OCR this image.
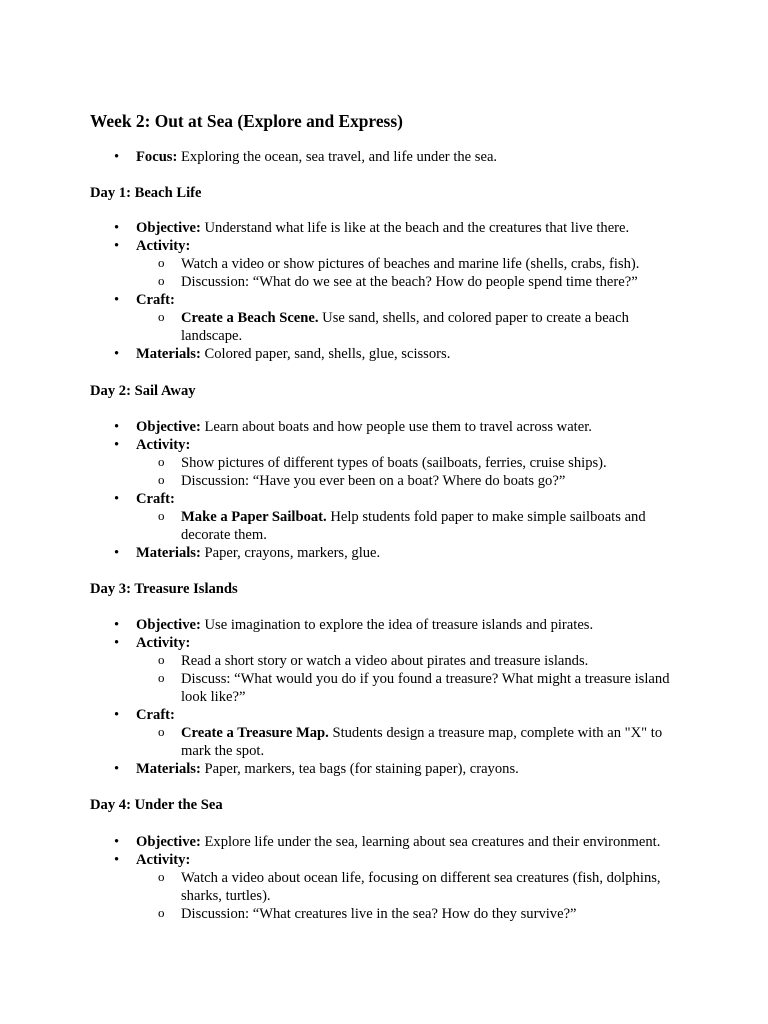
Week 2: Out at Sea (Explore and Express)
• Focus: Exploring the ocean, sea travel, and life under the sea.
Day 1: Beach Life
• Objective: Understand what life is like at the beach and the creatures that live there.
• Activity:
o Watch a video or show pictures of beaches and marine life (shells, crabs, fish).
o Discussion: “What do we see at the beach? How do people spend time there?”
• Craft:
o Create a Beach Scene. Use sand, shells, and colored paper to create a beach landscape.
• Materials: Colored paper, sand, shells, glue, scissors.
Day 2: Sail Away
• Objective: Learn about boats and how people use them to travel across water.
• Activity:
o Show pictures of different types of boats (sailboats, ferries, cruise ships).
o Discussion: “Have you ever been on a boat? Where do boats go?”
• Craft:
o Make a Paper Sailboat. Help students fold paper to make simple sailboats and decorate them.
• Materials: Paper, crayons, markers, glue.
Day 3: Treasure Islands
• Objective: Use imagination to explore the idea of treasure islands and pirates.
• Activity:
o Read a short story or watch a video about pirates and treasure islands.
o Discuss: “What would you do if you found a treasure? What might a treasure island look like?”
• Craft:
o Create a Treasure Map. Students design a treasure map, complete with an "X" to mark the spot.
• Materials: Paper, markers, tea bags (for staining paper), crayons.
Day 4: Under the Sea
• Objective: Explore life under the sea, learning about sea creatures and their environment.
• Activity:
o Watch a video about ocean life, focusing on different sea creatures (fish, dolphins, sharks, turtles).
o Discussion: “What creatures live in the sea? How do they survive?”
